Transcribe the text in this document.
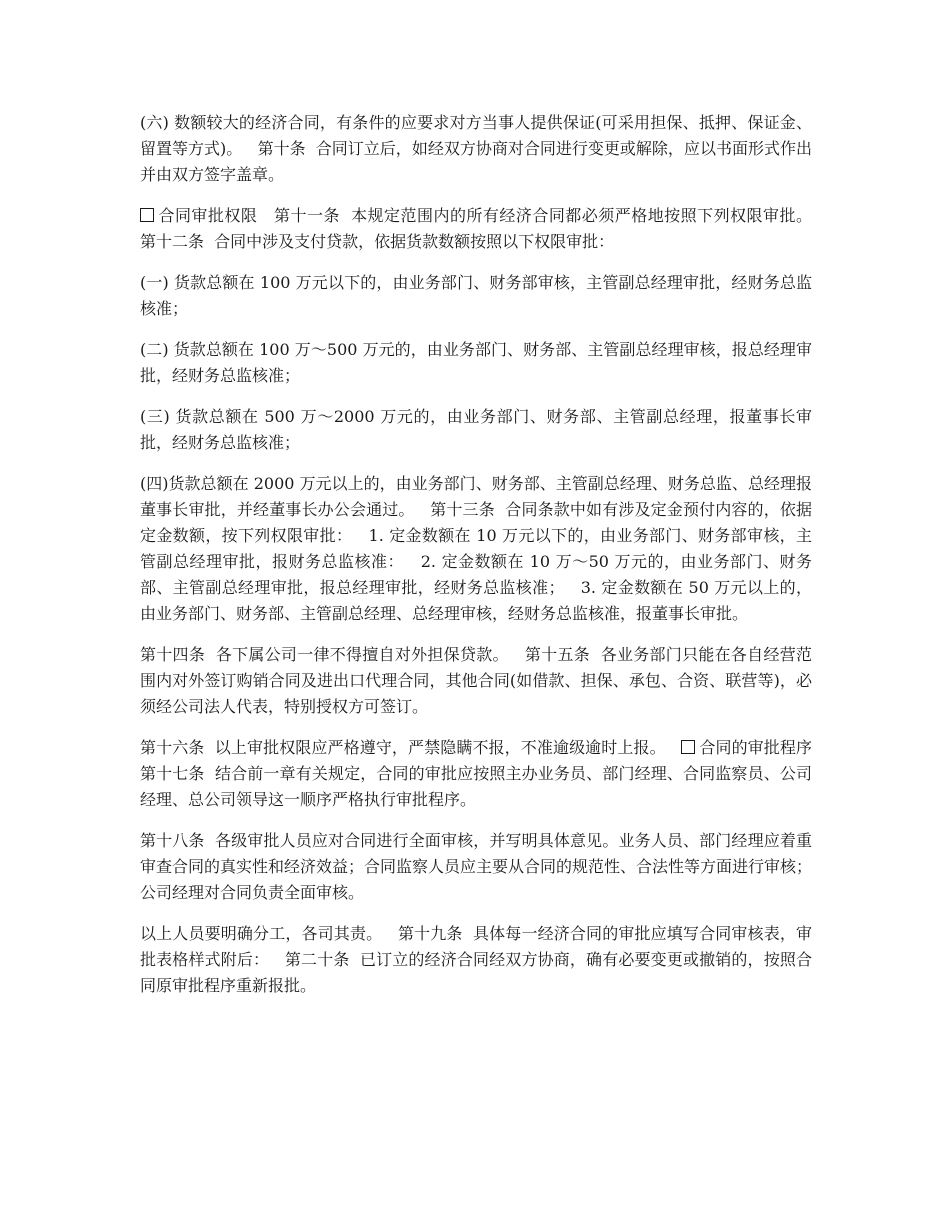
(六) 数额较大的经济合同，有条件的应要求对方当事人提供保证(可采用担保、抵押、保证金、留置等方式)。   第十条  合同订立后，如经双方协商对合同进行变更或解除，应以书面形式作出并由双方签字盖章。

合同审批权限   第十一条  本规定范围内的所有经济合同都必须严格地按照下列权限审批。   第十二条  合同中涉及支付贷款，依据货款数额按照以下权限审批：

(一) 货款总额在 100 万元以下的，由业务部门、财务部审核，主管副总经理审批，经财务总监核准；

(二) 货款总额在 100 万～500 万元的，由业务部门、财务部、主管副总经理审核，报总经理审批，经财务总监核准；

(三) 货款总额在 500 万～2000 万元的，由业务部门、财务部、主管副总经理，报董事长审批，经财务总监核准；

(四)货款总额在 2000 万元以上的，由业务部门、财务部、主管副总经理、财务总监、总经理报董事长审批，并经董事长办公会通过。   第十三条  合同条款中如有涉及定金预付内容的，依据定金数额，按下列权限审批：   1. 定金数额在 10 万元以下的，由业务部门、财务部审核，主管副总经理审批，报财务总监核准：   2. 定金数额在 10 万～50 万元的，由业务部门、财务部、主管副总经理审批，报总经理审批，经财务总监核准；   3. 定金数额在 50 万元以上的，由业务部门、财务部、主管副总经理、总经理审核，经财务总监核准，报董事长审批。

第十四条  各下属公司一律不得擅自对外担保贷款。   第十五条  各业务部门只能在各自经营范围内对外签订购销合同及进出口代理合同，其他合同(如借款、担保、承包、合资、联营等)，必须经公司法人代表，特别授权方可签订。

第十六条  以上审批权限应严格遵守，严禁隐瞒不报，不准逾级逾时上报。   合同的审批程序   第十七条  结合前一章有关规定，合同的审批应按照主办业务员、部门经理、合同监察员、公司经理、总公司领导这一顺序严格执行审批程序。

第十八条  各级审批人员应对合同进行全面审核，并写明具体意见。业务人员、部门经理应着重审查合同的真实性和经济效益；合同监察人员应主要从合同的规范性、合法性等方面进行审核；公司经理对合同负责全面审核。

以上人员要明确分工，各司其责。   第十九条  具体每一经济合同的审批应填写合同审核表，审批表格样式附后：   第二十条  已订立的经济合同经双方协商，确有必要变更或撤销的，按照合同原审批程序重新报批。
